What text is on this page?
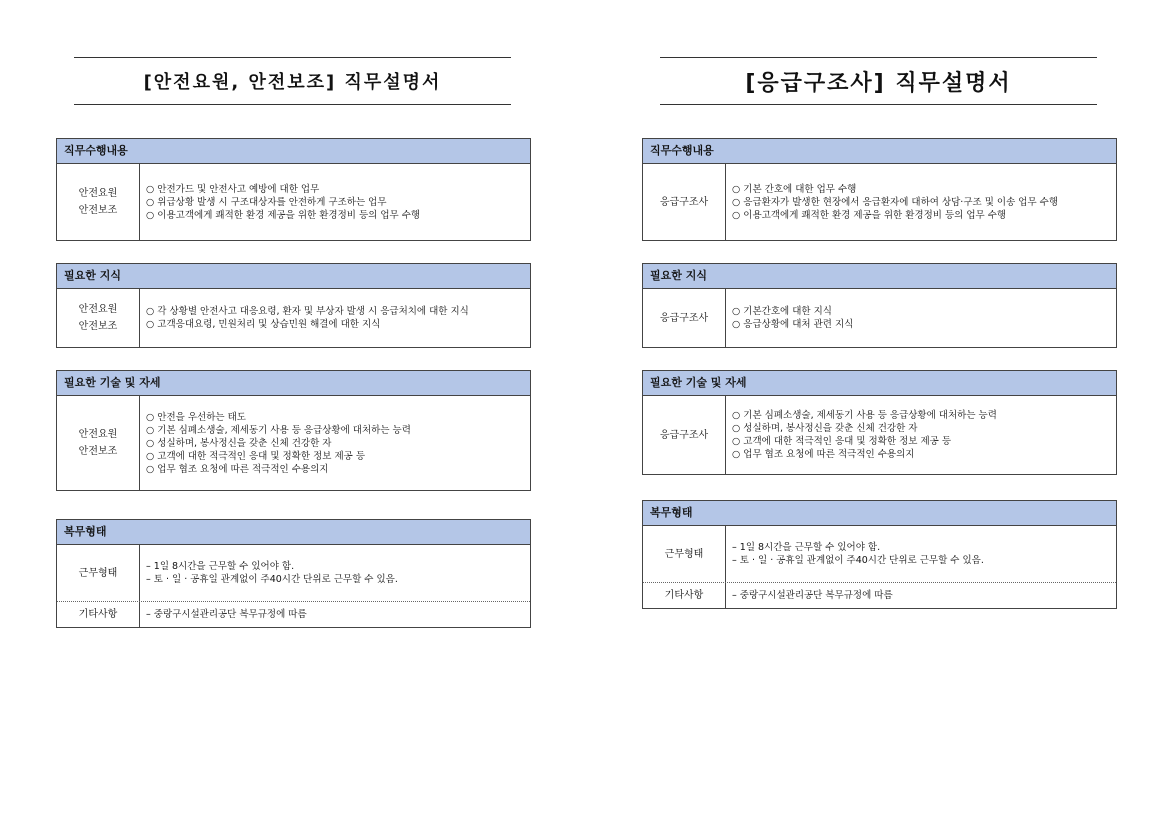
[안전요원, 안전보조] 직무설명서
직무수행내용
안전요원
안전보조
○ 안전가드 및 안전사고 예방에 대한 업무
○ 위급상황 발생 시 구조대상자를 안전하게 구조하는 업무
○ 이용고객에게 쾌적한 환경 제공을 위한 환경정비 등의 업무 수행
필요한 지식
안전요원
안전보조
○ 각 상황별 안전사고 대응요령, 환자 및 부상자 발생 시 응급처치에 대한 지식
○ 고객응대요령, 민원처리 및 상습민원 해결에 대한 지식
필요한 기술 및 자세
안전요원
안전보조
○ 안전을 우선하는 태도
○ 기본 심폐소생술, 제세동기 사용 등 응급상황에 대처하는 능력
○ 성실하며, 봉사정신을 갖춘 신체 건강한 자
○ 고객에 대한 적극적인 응대 및 정확한 정보 제공 등
○ 업무 협조 요청에 따른 적극적인 수용의지
복무형태
근무형태
– 1일 8시간을 근무할 수 있어야 함.
– 토 · 일 · 공휴일 관계없이 주40시간 단위로 근무할 수 있음.
기타사항	– 중랑구시설관리공단 복무규정에 따름
[응급구조사] 직무설명서
직무수행내용
응급구조사
○ 기본 간호에 대한 업무 수행
○ 응급환자가 발생한 현장에서 응급환자에 대하여 상담·구조 및 이송 업무 수행
○ 이용고객에게 쾌적한 환경 제공을 위한 환경정비 등의 업무 수행
필요한 지식
응급구조사
○ 기본간호에 대한 지식
○ 응급상황에 대처 관련 지식
필요한 기술 및 자세
응급구조사
○ 기본 심폐소생술, 제세동기 사용 등 응급상황에 대처하는 능력
○ 성실하며, 봉사정신을 갖춘 신체 건강한 자
○ 고객에 대한 적극적인 응대 및 정확한 정보 제공 등
○ 업무 협조 요청에 따른 적극적인 수용의지
복무형태
근무형태
– 1일 8시간을 근무할 수 있어야 함.
– 토 · 일 · 공휴일 관계없이 주40시간 단위로 근무할 수 있음.
기타사항	– 중랑구시설관리공단 복무규정에 따름
